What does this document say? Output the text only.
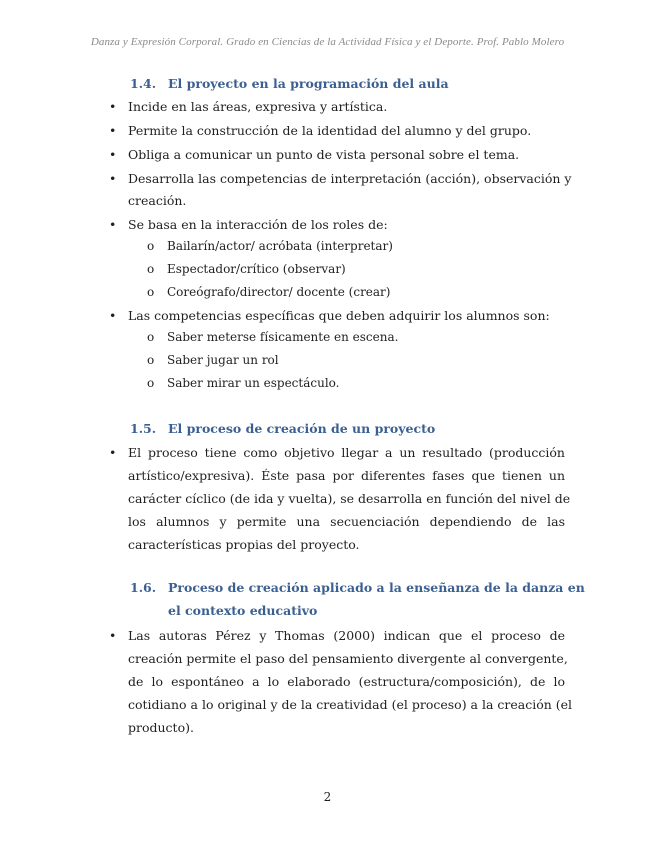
Danza y Expresión Corporal. Grado en Ciencias de la Actividad Física y el Deporte. Prof. Pablo Molero
1.4. El proyecto en la programación del aula
• Incide en las áreas, expresiva y artística.
• Permite la construcción de la identidad del alumno y del grupo.
• Obliga a comunicar un punto de vista personal sobre el tema.
• Desarrolla las competencias de interpretación (acción), observación y
creación.
• Se basa en la interacción de los roles de:
o Bailarín/actor/ acróbata (interpretar)
o Espectador/crítico (observar)
o Coreógrafo/director/ docente (crear)
• Las competencias específicas que deben adquirir los alumnos son:
o Saber meterse físicamente en escena.
o Saber jugar un rol
o Saber mirar un espectáculo.
1.5. El proceso de creación de un proyecto
• El proceso tiene como objetivo llegar a un resultado (producción
artístico/expresiva). Éste pasa por diferentes fases que tienen un
carácter cíclico (de ida y vuelta), se desarrolla en función del nivel de
los alumnos y permite una secuenciación dependiendo de las
características propias del proyecto.
1.6. Proceso de creación aplicado a la enseñanza de la danza en
el contexto educativo
• Las autoras Pérez y Thomas (2000) indican que el proceso de
creación permite el paso del pensamiento divergente al convergente,
de lo espontáneo a lo elaborado (estructura/composición), de lo
cotidiano a lo original y de la creatividad (el proceso) a la creación (el
producto).
2
